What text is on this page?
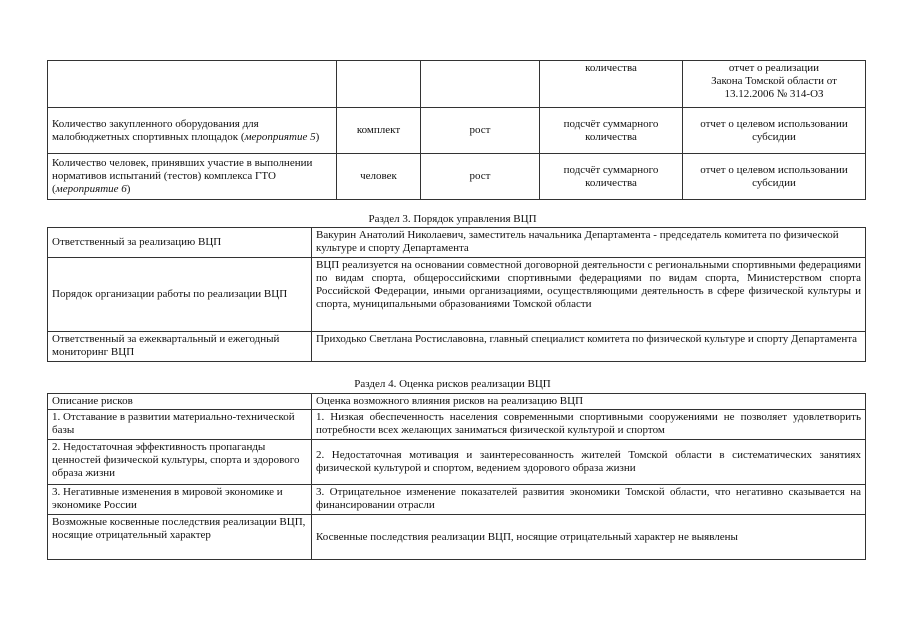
			количества	отчет о реализации
Закона Томской области от
13.12.2006 № 314-ОЗ

Количество закупленного оборудования для малобюджетных спортивных площадок (мероприятие 5)	комплект	рост	подсчёт суммарного количества	отчет о целевом использовании субсидии
Количество человек, принявших участие в выполнении нормативов испытаний (тестов) комплекса ГТО (мероприятие 6)	человек	рост	подсчёт суммарного количества	отчет о целевом использовании субсидии
Раздел 3. Порядок управления ВЦП
Ответственный за реализацию ВЦП	Вакурин Анатолий Николаевич, заместитель начальника Департамента - председатель комитета по физической культуре и спорту Департамента
Порядок организации работы по реализации ВЦП	ВЦП реализуется на основании совместной договорной деятельности с региональными спортивными федерациями по видам спорта, общероссийскими спортивными федерациями по видам спорта, Министерством спорта Российской Федерации, иными организациями, осуществляющими деятельность в сфере физической культуры и спорта, муниципальными образованиями Томской области
Ответственный за ежеквартальный и ежегодный мониторинг ВЦП	Приходько Светлана Ростиславовна, главный специалист комитета по физической культуре и спорту Департамента
Раздел 4. Оценка рисков реализации ВЦП
Описание рисков	Оценка возможного влияния рисков на реализацию ВЦП
1. Отставание в развитии материально-технической базы	1. Низкая обеспеченность населения современными спортивными сооружениями не позволяет удовлетворить потребности всех желающих заниматься физической культурой и спортом
2. Недостаточная эффективность пропаганды ценностей физической культуры, спорта и здорового образа жизни	2. Недостаточная мотивация и заинтересованность жителей Томской области в систематических занятиях физической культурой и спортом, ведением здорового образа жизни
3. Негативные изменения в мировой экономике и экономике России	3. Отрицательное изменение показателей развития экономики Томской области, что негативно сказывается на финансировании отрасли
Возможные косвенные последствия реализации ВЦП, носящие отрицательный характер	Косвенные последствия реализации ВЦП, носящие отрицательный характер не выявлены
